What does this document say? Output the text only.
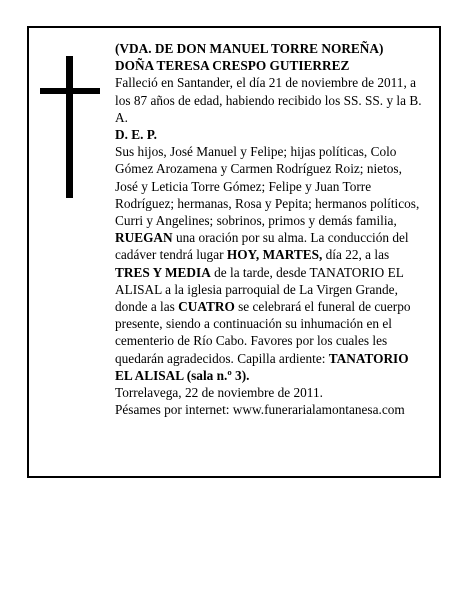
(VDA. DE DON MANUEL TORRE NOREÑA)

DOÑA TERESA CRESPO GUTIERREZ

Falleció en Santander, el día 21 de noviembre de 2011, a los 87 años de edad, habiendo recibido los SS. SS. y la B. A.

D. E. P.

Sus hijos, José Manuel y Felipe; hijas políticas, Colo Gómez Arozamena y Carmen Rodríguez Roiz; nietos, José y Leticia Torre Gómez; Felipe y Juan Torre Rodríguez; hermanas, Rosa y Pepita; hermanos políticos, Curri y Angelines; sobrinos, primos y demás familia,

RUEGAN una oración por su alma. La conducción del cadáver tendrá lugar HOY, MARTES, día 22, a las TRES Y MEDIA de la tarde, desde TANATORIO EL ALISAL a la iglesia parroquial de La Virgen Grande, donde a las CUATRO se celebrará el funeral de cuerpo presente, siendo a continuación su inhumación en el cementerio de Río Cabo. Favores por los cuales les quedarán agradecidos. Capilla ardiente: TANATORIO EL ALISAL (sala n.º 3).

Torrelavega, 22 de noviembre de 2011.

Pésames por internet: www.funerarialamontanesa.com
